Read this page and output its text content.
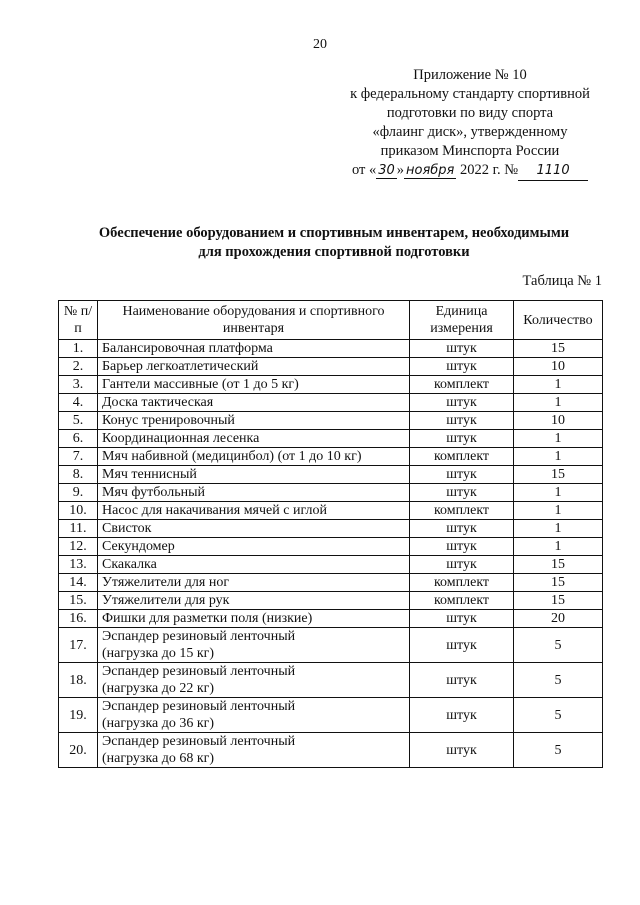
20
Приложение № 10
к федеральному стандарту спортивной
подготовки по виду спорта
«флаинг диск», утвержденному
приказом Минспорта России
от « 30 » ноября 2022 г. № 1110
Обеспечение оборудованием и спортивным инвентарем, необходимыми
для прохождения спортивной подготовки
Таблица № 1
№ п/п	Наименование оборудования и спортивного инвентаря	Единица измерения	Количество
1.	Балансировочная платформа	штук	15
2.	Барьер легкоатлетический	штук	10
3.	Гантели массивные (от 1 до 5 кг)	комплект	1
4.	Доска тактическая	штук	1
5.	Конус тренировочный	штук	10
6.	Координационная лесенка	штук	1
7.	Мяч набивной (медицинбол) (от 1 до 10 кг)	комплект	1
8.	Мяч теннисный	штук	15
9.	Мяч футбольный	штук	1
10.	Насос для накачивания мячей с иглой	комплект	1
11.	Свисток	штук	1
12.	Секундомер	штук	1
13.	Скакалка	штук	15
14.	Утяжелители для ног	комплект	15
15.	Утяжелители для рук	комплект	15
16.	Фишки для разметки поля (низкие)	штук	20
17.	Эспандер резиновый ленточный
(нагрузка до 15 кг)	штук	5
18.	Эспандер резиновый ленточный
(нагрузка до 22 кг)	штук	5
19.	Эспандер резиновый ленточный
(нагрузка до 36 кг)	штук	5
20.	Эспандер резиновый ленточный
(нагрузка до 68 кг)	штук	5
